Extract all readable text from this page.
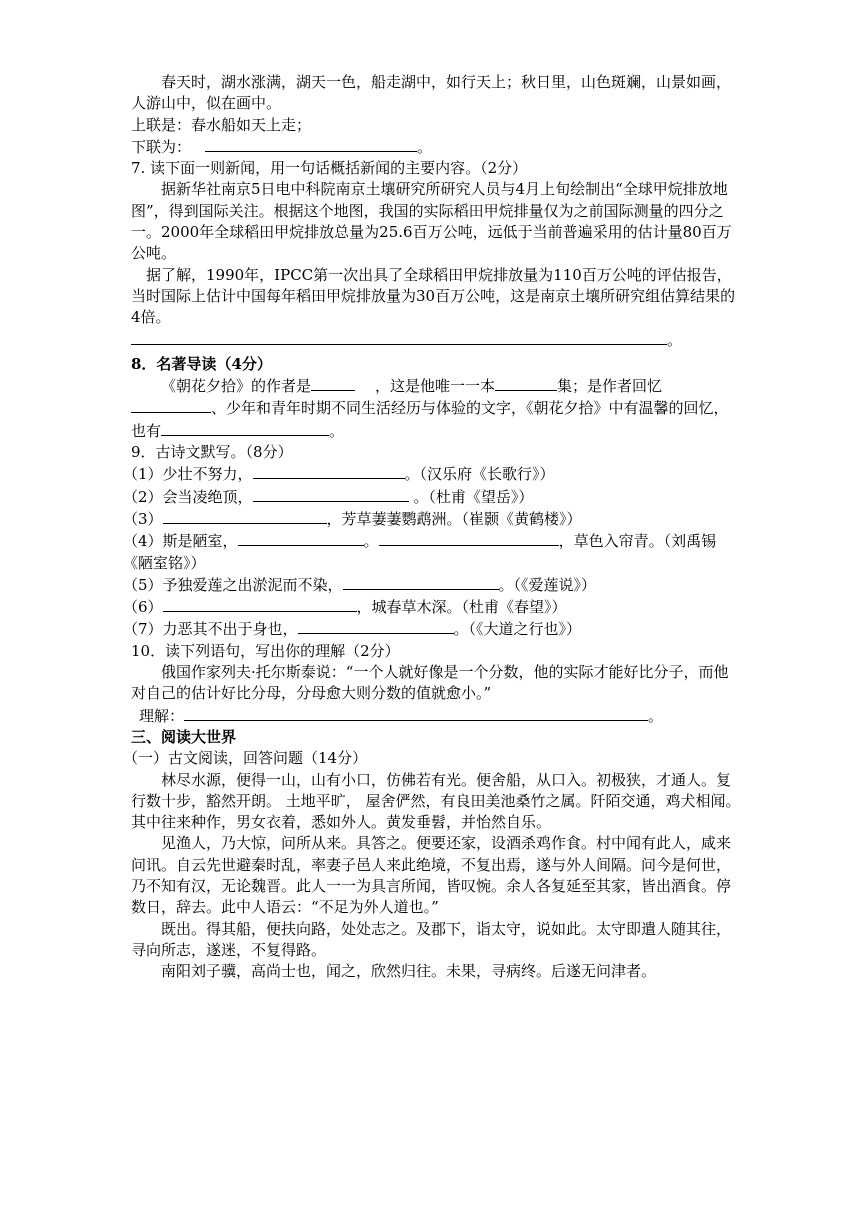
春天时，湖水涨满，湖天一色，船走湖中，如行天上；秋日里，山色斑斓，山景如画，人游山中，似在画中。

上联是：春水船如天上走；

下联为：	。

7. 读下面一则新闻，用一句话概括新闻的主要内容。（2分）

据新华社南京5日电中科院南京土壤研究所研究人员与4月上旬绘制出“全球甲烷排放地图”，得到国际关注。根据这个地图，我国的实际稻田甲烷排量仅为之前国际测量的四分之一。2000年全球稻田甲烷排放总量为25.6百万公吨，远低于当前普遍采用的估计量80百万公吨。

据了解，1990年，IPCC第一次出具了全球稻田甲烷排放量为110百万公吨的评估报告，当时国际上估计中国每年稻田甲烷排放量为30百万公吨，这是南京土壤所研究组估算结果的4倍。

。

8．名著导读（4分）

《朝花夕拾》的作者是	，这是他唯一一本	集；是作者回忆、少年和青年时期不同生活经历与体验的文字，《朝花夕拾》中有温馨的回忆，也有	。

9．古诗文默写。（8分）

（1）少壮不努力，	。（汉乐府《长歌行》）

（2）会当凌绝顶，	。（杜甫《望岳》）

（3）	，芳草萋萋鹦鹉洲。（崔颢《黄鹤楼》）

（4）斯是陋室，	。	，草色入帘青。（刘禹锡《陋室铭》）

（5）予独爱莲之出淤泥而不染，	。（《爱莲说》）

（6）	，城春草木深。（杜甫《春望》）

（7）力恶其不出于身也，	。（《大道之行也》）

10．读下列语句，写出你的理解（2分）

俄国作家列夫·托尔斯泰说：“一个人就好像是一个分数，他的实际才能好比分子，而他对自己的估计好比分母，分母愈大则分数的值就愈小。”

理解：	。

三、阅读大世界

（一）古文阅读，回答问题（14分）

林尽水源，便得一山，山有小口，仿佛若有光。便舍船，从口入。初极狭，才通人。复行数十步，豁然开朗。 土地平旷， 屋舍俨然，有良田美池桑竹之属。阡陌交通，鸡犬相闻。其中往来种作，男女衣着，悉如外人。黄发垂髫，并怡然自乐。

见渔人，乃大惊，问所从来。具答之。便要还家，设酒杀鸡作食。村中闻有此人，咸来问讯。自云先世避秦时乱，率妻子邑人来此绝境，不复出焉，遂与外人间隔。问今是何世，乃不知有汉，无论魏晋。此人一一为具言所闻，皆叹惋。余人各复延至其家，皆出酒食。停数日，辞去。此中人语云：“不足为外人道也。”

既出。得其船，便扶向路，处处志之。及郡下，诣太守，说如此。太守即遣人随其往，寻向所志，遂迷，不复得路。

南阳刘子骥，高尚士也，闻之，欣然归往。未果，寻病终。后遂无问津者。
